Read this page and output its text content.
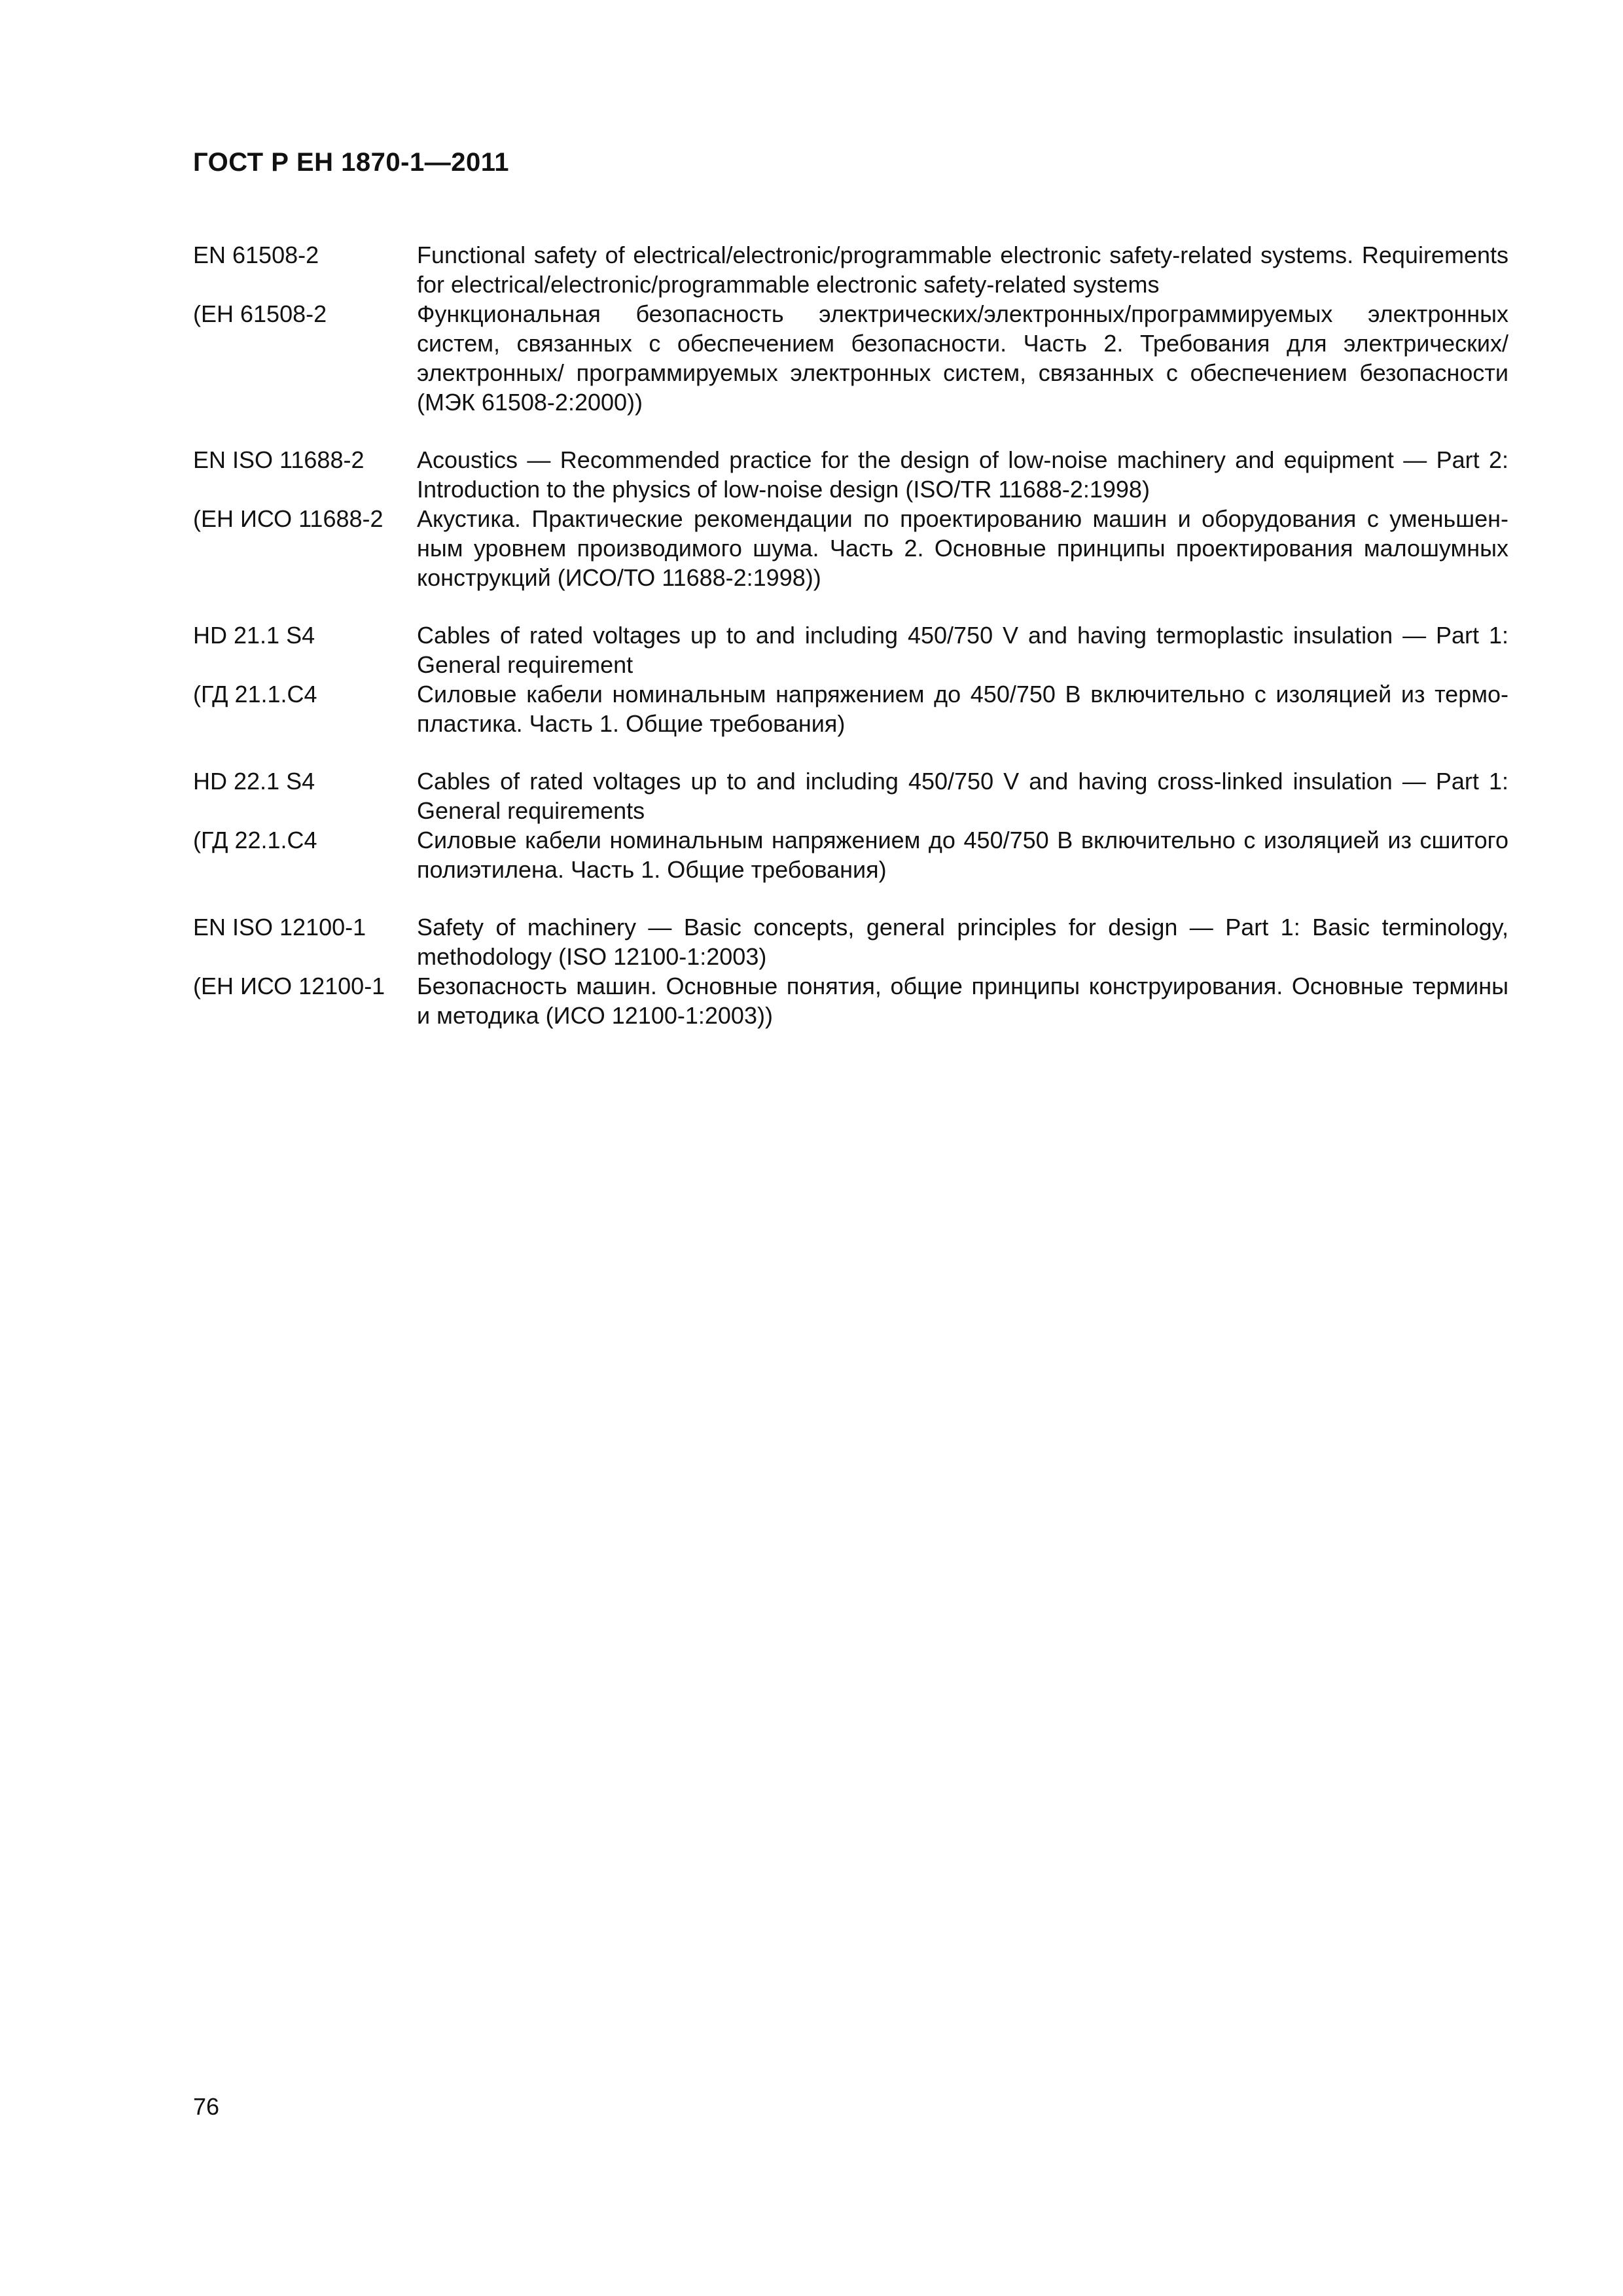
ГОСТ Р ЕН 1870-1—2011
EN 61508-2	Functional safety of electrical/electronic/programmable electronic safety-related systems. Requirements for electrical/electronic/programmable electronic safety-related systems
(ЕН 61508-2	Функциональная безопасность электрических/электронных/программируемых электронных систем, связанных с обеспечением безопасности. Часть 2. Требования для электрических/ электронных/ программируемых электронных систем, связанных с обеспечением безопасности (МЭК 61508-2:2000))
EN ISO 11688-2	Acoustics — Recommended practice for the design of low-noise machinery and equipment — Part 2: Introduction to the physics of low-noise design (ISO/TR 11688-2:1998)
(ЕН ИСО 11688-2	Акустика. Практические рекомендации по проектированию машин и оборудования с уменьшенным уровнем производимого шума. Часть 2. Основные принципы проектирования малошумных конструкций (ИСО/ТО 11688-2:1998))
HD 21.1 S4	Cables of rated voltages up to and including 450/750 V and having termoplastic insulation — Part 1: General requirement
(ГД 21.1.С4	Силовые кабели номинальным напряжением до 450/750 В включительно с изоляцией из термопластика. Часть 1. Общие требования)
HD 22.1 S4	Cables of rated voltages up to and including 450/750 V and having cross-linked insulation — Part 1: General requirements
(ГД 22.1.С4	Силовые кабели номинальным напряжением до 450/750 В включительно с изоляцией из сшитого полиэтилена. Часть 1. Общие требования)
EN ISO 12100-1	Safety of machinery — Basic concepts, general principles for design — Part 1: Basic terminology, methodology (ISO 12100-1:2003)
(ЕН ИСО 12100-1	Безопасность машин. Основные понятия, общие принципы конструирования. Основные термины и методика (ИСО 12100-1:2003))
76
